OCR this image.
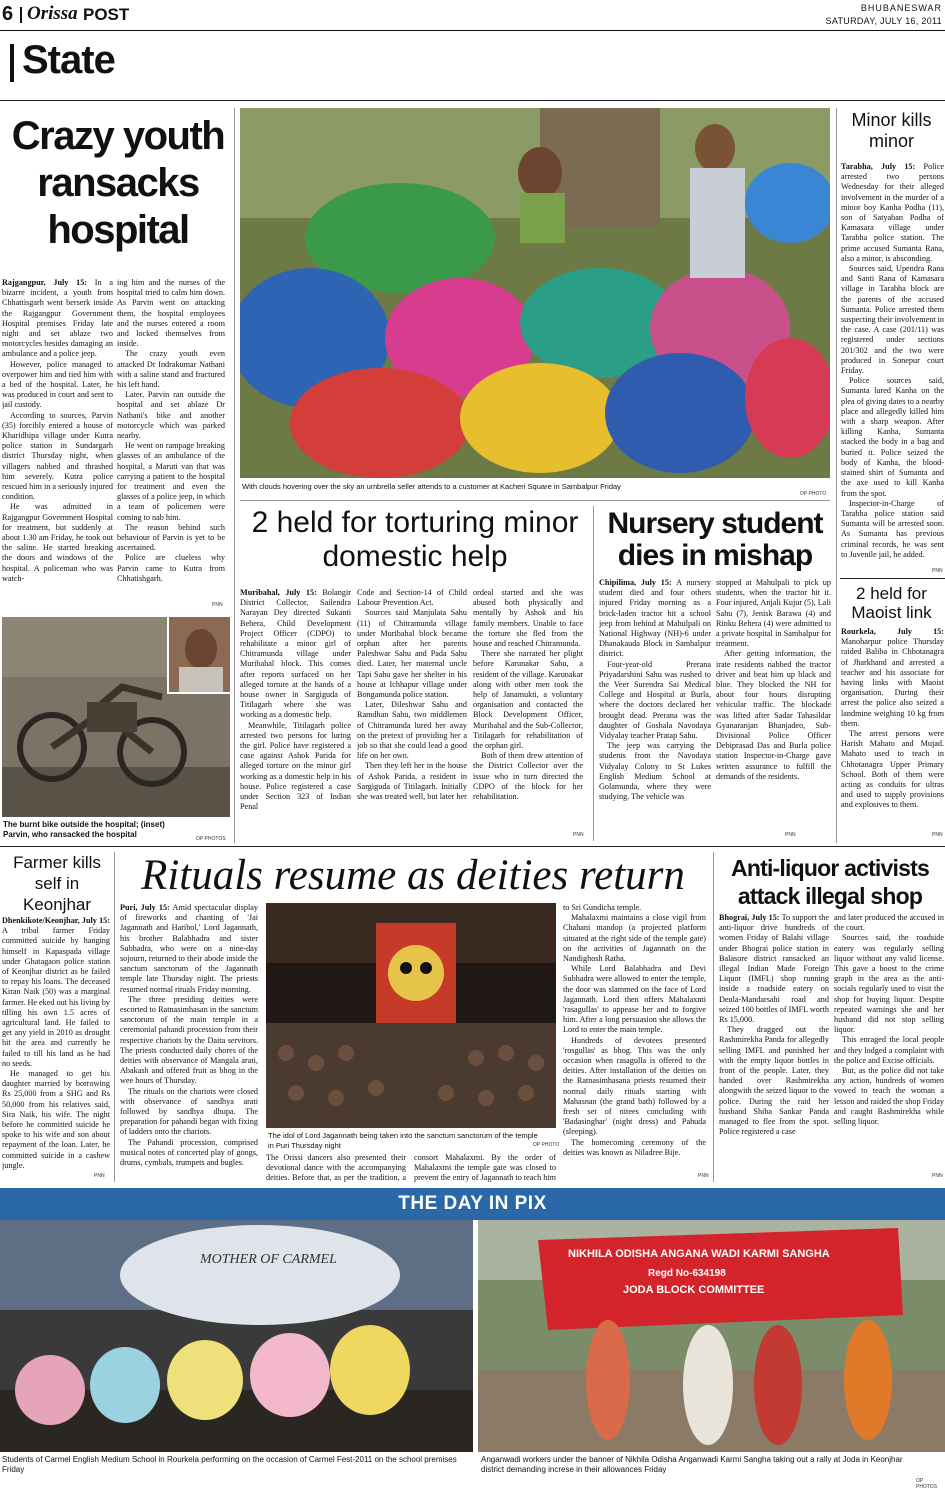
6 Orissa POST	BHUBANESWAR
SATURDAY, JULY 16, 2011
State
Crazy youth ransacks hospital

Rajgangpur, July 15: In a bizarre incident, a youth from Chhattisgarh went berserk inside the Rajgangpur Government Hospital premises Friday late night and set ablaze two motorcycles besides damaging an ambulance and a police jeep.

However, police managed to overpower him and tied him with a bed of the hospital. Later, he was produced in court and sent to jail custody.

According to sources, Parvin (35) forcibly entered a house of Kharidhipa village under Kutra police station in Sundargarh district Thursday night, when villagers nabbed and thrashed him severely. Kutra police rescued him in a seriously injured condition.

He was admitted in Rajgangpur Government Hospital for treatment, but suddenly at about 1.30 am Friday, he took out the saline. He started breaking the doors and windows of the hospital. A policeman who was watch-

ing him and the nurses of the hospital tried to calm him down. As Parvin went on attacking them, the hospital employees and the nurses entered a room and locked themselves from inside.

The crazy youth even attacked Dr Indrakumar Nathani with a saline stand and fractured his left hand.

Later, Parvin ran outside the hospital and set ablaze Dr Nathani's bike and another motorcycle which was parked nearby.

He went on rampage breaking glasses of an ambulance of the hospital, a Maruti van that was carrying a patient to the hospital for treatment and even the glasses of a police jeep, in which a team of policemen were coming to nab him.

The reason behind such behaviour of Parvin is yet to be ascertained.

Police are clueless why Parvin came to Kutra from Chhatishgarh.

PNN
The burnt bike outside the hospital; (inset) Parvin, who ransacked the hospital	OP PHOTOS
With clouds hovering over the sky an umbrella seller attends to a customer at Kacheri Square in Sambalpur Friday
OP PHOTO
Minor kills minor

Tarabha, July 15: Police arrested two persons Wednesday for their alleged involvement in the murder of a minor boy Kanha Podha (11), son of Satyaban Podha of Kamasara village under Tarabha police station. The prime accused Sumanta Rana, also a minor, is absconding.

Sources said, Upendra Rana and Santi Rana of Kamasara village in Tarabha block are the parents of the accused Sumanta. Police arrested them suspecting their involvement in the case. A case (201/11) was registered under sections 201/302 and the two were produced in Sonepur court Friday.

Police sources said, Sumanta lured Kanha on the plea of giving dates to a nearby place and allegedly killed him with a sharp weapon. After killing Kanha, Sumanta stacked the body in a bag and buried it. Police seized the body of Kanha, the blood-stained shirt of Sumanta and the axe used to kill Kanha from the spot.

Inspector-in-Charge of Tarabha police station said Sumanta will be arrested soon. As Sumanta has previous criminal records, he was sent to Juvenile jail, he added.

PNN
2 held for Maoist link

Rourkela, July 15: Manoharpur police Thursday raided Baliba in Chhotanagra of Jharkhand and arrested a teacher and his associate for having links with Maoist organisation. During their arrest the police also seized a landmine weighing 10 kg from them.

The arrest persons were Harish Mahato and Mujad. Mahato used to teach in Chhotanagra Upper Primary School. Both of them were acting as conduits for ultras and used to supply provisions and explosives to them.

PNN
2 held for torturing minor domestic help

Muribahal, July 15: Bolangir District Collector, Sailendra Narayan Dey directed Sukanti Behera, Child Development Project Officer (CDPO) to rehabilitate a minor girl of Chitramunda village under Muribahal block. This comes after reports surfaced on her alleged torture at the hands of a house owner in Sargiguda of Titilagarh where she was working as a domestic help.

Meanwhile, Titilagarh police arrested two persons for luring the girl. Police have registered a case against Ashok Parida for alleged torture on the minor girl working as a domestic help in his house. Police registered a case under Section 323 of Indian Penal

Code and Section-14 of Child Labour Prevention Act.

Sources said Manjulata Sahu (11) of Chitramunda village under Muribahal block became orphan after her parents Paleshwar Sahu and Pada Sahu died. Later, her maternal uncle Tapi Sahu gave her shelter in his house at Ichhapur village under Bongamunda police station.

Later, Dileshwar Sahu and Ramdhan Sahu, two middlemen of Chitramunda lured her away on the pretext of providing her a job so that she could lead a good life on her own.

Then they left her in the house of Ashok Parida, a resident in Sargiguda of Titilagarh. Initially she was treated well, but later her

ordeal started and she was abused both physically and mentally by Ashok and his family members. Unable to face the torture she fled from the house and reached Chitramunda.

There she narrated her plight before Karunakar Sahu, a resident of the village. Karunakar along with other men took the help of Janamukti, a voluntary organisation and contacted the Block Development Officer, Muribahal and the Sub-Collector, Titilagarh for rehabilitation of the orphan girl.

Both of them drew attention of the District Collector over the issue who in turn directed the CDPO of the block for her rehabilitation.

PNN
Nursery student dies in mishap

Chipilima, July 15: A nursery student died and four others injured Friday morning as a brick-laden tractor hit a school jeep from behind at Mahulpali on National Highway (NH)-6 under Dhanakauda Block in Sambalpur district.

Four-year-old Prerana Priyadarshini Sahu was rushed to the Veer Surendra Sai Medical College and Hospital at Burla, where the doctors declared her brought dead. Prerana was the daughter of Goshala Navodaya Vidyalay teacher Pratap Sahu.

The jeep was carrying the students from the Navodaya Vidyalay Colony to St Lukes English Medium School at Golamunda, where they were studying. The vehicle was

stopped at Mahulpali to pick up students, when the tractor hit it. Four injured, Anjali Kujur (5), Lali Sahu (7), Jenisk Barawa (4) and Rinku Behera (4) were admitted to a private hospital in Sambalpur for treatment.

After getting information, the irate residents nabbed the tractor driver and beat him up black and blue. They blocked the NH for about four hours disrupting vehicular traffic. The blockade was lifted after Sadar Tahasildar Gyanaranjan Bhanjadeo, Sub-Divisional Police Officer Debiprasad Das and Burla police station Inspector-in-Charge gave written assurance to fulfill the demands of the residents.

PNN
Farmer kills self in Keonjhar

Dhenkikote/Keonjhar, July 15: A tribal farmer Friday committed suicide by hanging himself in Kapaspada village under Ghatagaon police station of Keonjhar district as he failed to repay his loans. The deceased Kiran Naik (50) was a marginal farmer. He eked out his living by tilling his own 1.5 acres of agricultural land. He failed to get any yield in 2010 as drought hit the area and currently he failed to till his land as he had no seeds.

He managed to get his daughter married by borrowing Rs 25,000 from a SHG and Rs 50,000 from his relatives said, Sira Naik, his wife. The night before he committed suicide he spoke to his wife and son about repayment of the loan. Later, he committed suicide in a cashew jungle.

PNN
Rituals resume as deities return

Puri, July 15: Amid spectacular display of fireworks and chanting of 'Jai Jagannath and Haribol,' Lord Jagannath, his brother Balabhadra and sister Subhadra, who were on a nine-day sojourn, returned to their abode inside the sanctum sanctorum of the Jagannath temple late Thursday night. The priests resumed normal rituals Friday morning.

The three presiding deities were escorted to Ratnasimhasan in the sanctum sanctorum of the main temple in a ceremonial pahandi procession from their respective chariots by the Daita servitors. The priests conducted daily chores of the deities with observance of Mangala arati, Abakash and offered fruit as bhog in the wee hours of Thursday.

The rituals on the chariots were closed with observance of sandhya arati followed by sandhya dhupa. The preparation for pahandi began with fixing of ladders onto the chariots.

The Pahandi procession, comprised musical notes of concerted play of gongs, drums, cymbals, trumpets and bugles.

The idol of Lord Jagannath being taken into the sanctum sanctorum of the temple in Puri Thursday night	OP PHOTO

The Orissi dancers also presented their devotional dance with the accompanying deities. Before that, as per the tradition, a

consort Mahalaxmi. By the order of Mahalaxmi the temple gate was closed to prevent the entry of Jagannath to teach him

to Sri Gundicha temple.

Mahalaxmi maintains a close vigil from Chahani mandop (a projected platform situated at the right side of the temple gate) on the activities of Jagannath on the Nandighosh Ratha.

While Lord Balabhadra and Devi Subhadra were allowed to enter the temple, the door was slammed on the face of Lord Jagannath. Lord then offers Mahalaxmi 'rasagullas' to appease her and to forgive him. After a long persuasion she allows the Lord to enter the main temple.

Hundreds of devotees presented 'rosgullas' as bhog. This was the only occasion when rasagulla is offered to the deities. After installation of the deities on the Ratnasimhasana priests resumed their normal daily rituals starting with Mahasnan (the grand bath) followed by a fresh set of nitees concluding with 'Badasinghar' (night dress) and Pahuda (sleeping).

The homecoming ceremony of the deities was known as Niladree Bije.

PNN
Anti-liquor activists attack illegal shop

Bhograi, July 15: To support the anti-liquor drive hundreds of women Friday of Balahi village under Bhograi police station in Balasore district ransacked an illegal Indian Made Foreign Liquor (IMFL) shop running inside a roadside eatery on Deula-Mandarsahi road and seized 100 bottles of IMFL worth Rs 15,000.

They dragged out the Rashmirekha Panda for allegedly selling IMFL and punished her with the empty liquor bottles in front of the people. Later, they handed over Rashmirekha alongwith the seized liquor to the police. During the raid her husband Shiba Sankar Panda managed to flee from the spot. Police registered a case

and later produced the accused in the court.

Sources said, the roadside eatery was regularly selling liquor without any valid license. This gave a boost to the crime graph in the area as the anti-socials regularly used to visit the shop for buying liquor. Despite repeated warnings she and her husband did not stop selling liquor.

This enraged the local people and they lodged a complaint with the police and Excise officials.

But, as the police did not take any action, hundreds of women vowed to teach the woman a lesson and raided the shop Friday and caught Rashmirekha while selling liquor.

PNN
THE DAY IN PIX
MOTHER OF CARMEL
Students of Carmel English Medium School in Rourkela performing on the occasion of Carmel Fest-2011 on the school premises Friday
NIKHILA ODISHA ANGANA WADI KARMI SANGHA
Regd No-634198
JODA BLOCK COMMITTEE
Anganwadi workers under the banner of Nikhila Odisha Anganwadi Karmi Sangha taking out a rally at Joda in Keonjhar district demanding increse in their allowances Friday
OP PHOTOS
